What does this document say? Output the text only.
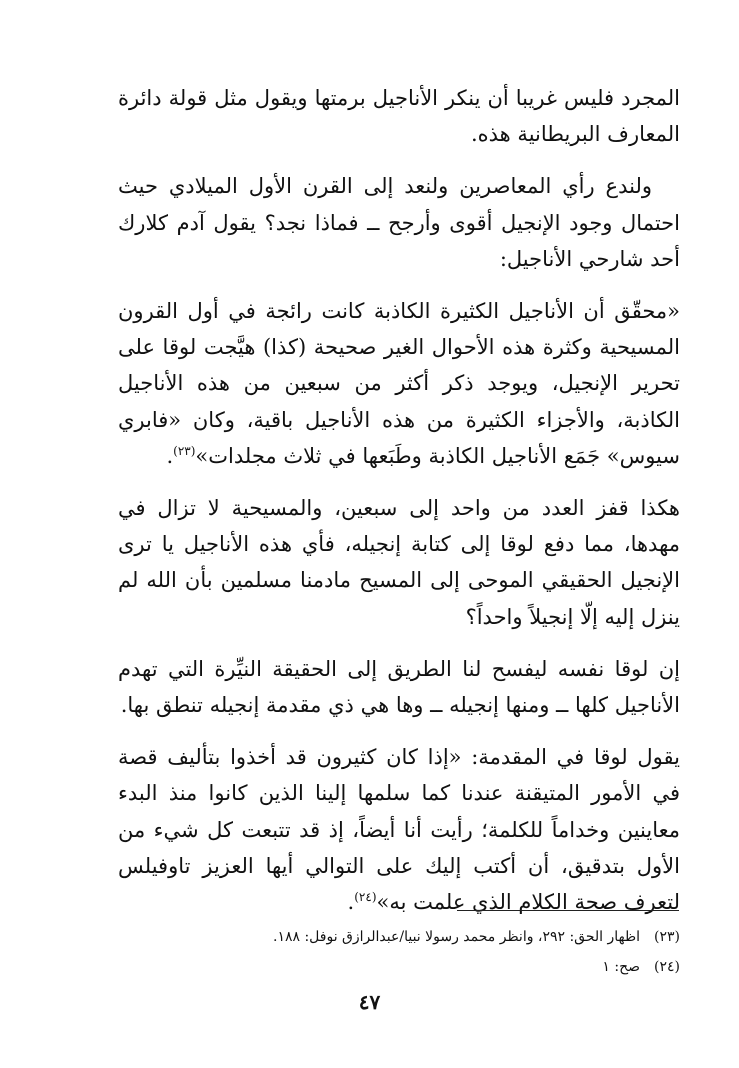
المجرد فليس غريبا أن ينكر الأناجيل برمتها ويقول مثل قولة دائرة المعارف البريطانية هذه.

ولندع رأي المعاصرين ولنعد إلى القرن الأول الميلادي حيث احتمال وجود الإنجيل أقوى وأرجح ــ فماذا نجد؟ يقول آدم كلارك أحد شارحي الأناجيل:

«محقّق أن الأناجيل الكثيرة الكاذبة كانت رائجة في أول القرون المسيحية وكثرة هذه الأحوال الغير صحيحة (كذا) هيَّجت لوقا على تحرير الإنجيل، ويوجد ذكر أكثر من سبعين من هذه الأناجيل الكاذبة، والأجزاء الكثيرة من هذه الأناجيل باقية، وكان «فابري سيوس» جَمَع الأناجيل الكاذبة وطَبَعها في ثلاث مجلدات»$^{(٢٣)}$.

هكذا قفز العدد من واحد إلى سبعين، والمسيحية لا تزال في مهدها، مما دفع لوقا إلى كتابة إنجيله، فأي هذه الأناجيل يا ترى الإنجيل الحقيقي الموحى إلى المسيح مادمنا مسلمين بأن الله لم ينزل إليه إلّا إنجيلاً واحداً؟

إن لوقا نفسه ليفسح لنا الطريق إلى الحقيقة النيِّرة التي تهدم الأناجيل كلها ــ ومنها إنجيله ــ وها هي ذي مقدمة إنجيله تنطق بها.

يقول لوقا في المقدمة: «إذا كان كثيرون قد أخذوا بتأليف قصة في الأمور المتيقنة عندنا كما سلمها إلينا الذين كانوا منذ البدء معاينين وخداماً للكلمة؛ رأيت أنا أيضاً، إذ قد تتبعت كل شيء من الأول بتدقيق، أن أكتب إليك على التوالي أيها العزيز تاوفيلس لتعرف صحة الكلام الذي علمت به»$^{(٢٤)}$.

(٢٣)
اظهار الحق: ٢٩٢، وانظر محمد رسولا نبيا/عبدالرازق نوفل: ١٨٨.

(٢٤)
صح: ١

٤٧
